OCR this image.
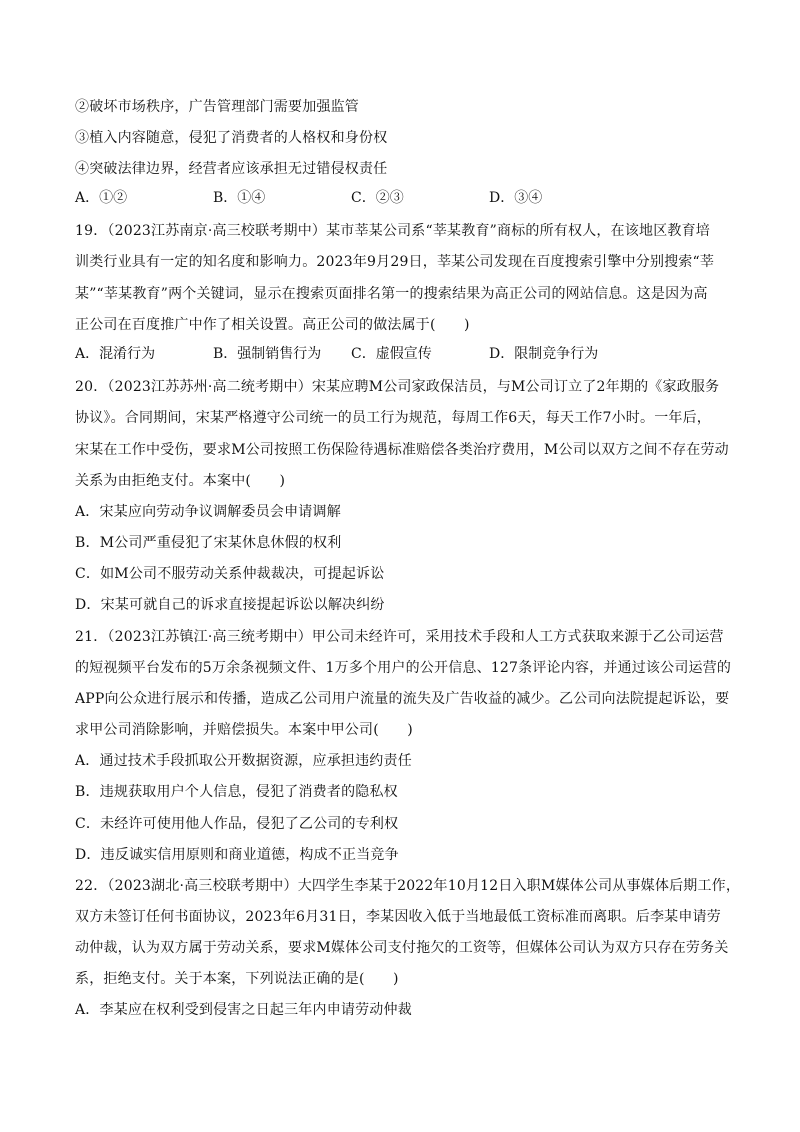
②破坏市场秩序，广告管理部门需要加强监管
③植入内容随意，侵犯了消费者的人格权和身份权
④突破法律边界，经营者应该承担无过错侵权责任
A．①②	B．①④	C．②③	D．③④
19．（2023江苏南京·高三校联考期中）某市莘某公司系“莘某教育”商标的所有权人，在该地区教育培
训类行业具有一定的知名度和影响力。2023年9月29日，莘某公司发现在百度搜索引擎中分别搜索“莘
某”“莘某教育”两个关键词，显示在搜索页面排名第一的搜索结果为高正公司的网站信息。这是因为高
正公司在百度推广中作了相关设置。高正公司的做法属于(　　)
A．混淆行为	B．强制销售行为 C．虚假宣传	D．限制竞争行为
20．（2023江苏苏州·高二统考期中）宋某应聘M公司家政保洁员，与M公司订立了2年期的《家政服务
协议》。合同期间，宋某严格遵守公司统一的员工行为规范，每周工作6天，每天工作7小时。一年后，
宋某在工作中受伤，要求M公司按照工伤保险待遇标准赔偿各类治疗费用，M公司以双方之间不存在劳动
关系为由拒绝支付。本案中(　　)
A．宋某应向劳动争议调解委员会申请调解
B．M公司严重侵犯了宋某休息休假的权利
C．如M公司不服劳动关系仲裁裁决，可提起诉讼
D．宋某可就自己的诉求直接提起诉讼以解决纠纷
21．（2023江苏镇江·高三统考期中）甲公司未经许可，采用技术手段和人工方式获取来源于乙公司运营
的短视频平台发布的5万余条视频文件、1万多个用户的公开信息、127条评论内容，并通过该公司运营的
APP向公众进行展示和传播，造成乙公司用户流量的流失及广告收益的减少。乙公司向法院提起诉讼，要
求甲公司消除影响，并赔偿损失。本案中甲公司(　　)
A．通过技术手段抓取公开数据资源，应承担违约责任
B．违规获取用户个人信息，侵犯了消费者的隐私权
C．未经许可使用他人作品，侵犯了乙公司的专利权
D．违反诚实信用原则和商业道德，构成不正当竞争
22．（2023湖北·高三校联考期中）大四学生李某于2022年10月12日入职M媒体公司从事媒体后期工作，
双方未签订任何书面协议，2023年6月31日，李某因收入低于当地最低工资标准而离职。后李某申请劳
动仲裁，认为双方属于劳动关系，要求M媒体公司支付拖欠的工资等，但媒体公司认为双方只存在劳务关
系，拒绝支付。关于本案，下列说法正确的是(　　)
A．李某应在权利受到侵害之日起三年内申请劳动仲裁
